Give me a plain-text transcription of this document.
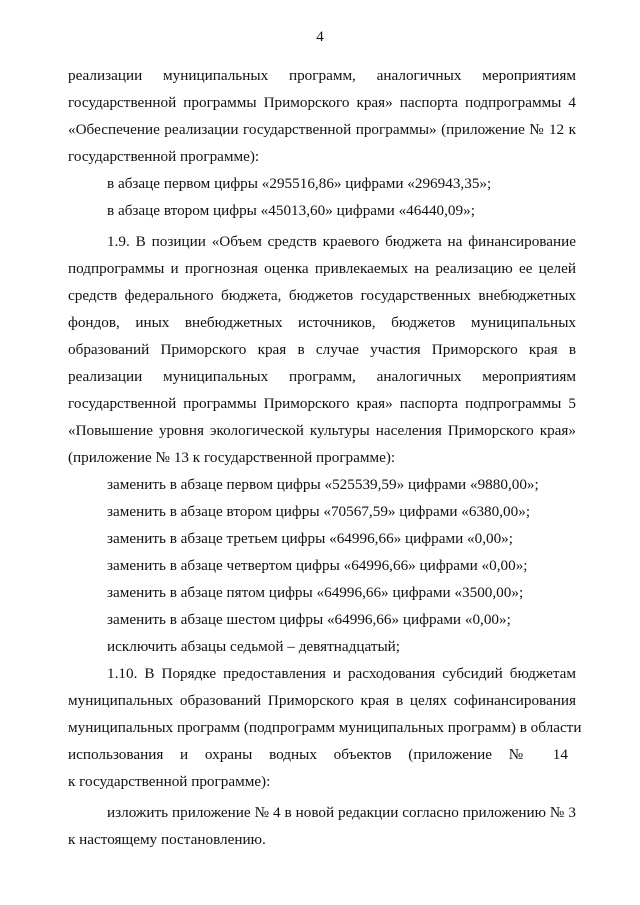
4
реализации муниципальных программ, аналогичных мероприятиям
государственной программы Приморского края» паспорта подпрограммы 4
«Обеспечение реализации государственной программы» (приложение № 12 к
государственной программе):
в абзаце первом цифры «295516,86» цифрами «296943,35»;
в абзаце втором цифры «45013,60» цифрами «46440,09»;
1.9. В позиции «Объем средств краевого бюджета на финансирование
подпрограммы и прогнозная оценка привлекаемых на реализацию ее целей
средств федерального бюджета, бюджетов государственных внебюджетных
фондов, иных внебюджетных источников, бюджетов муниципальных
образований Приморского края в случае участия Приморского края в
реализации муниципальных программ, аналогичных мероприятиям
государственной программы Приморского края» паспорта подпрограммы 5
«Повышение уровня экологической культуры населения Приморского края»
(приложение № 13 к государственной программе):
заменить в абзаце первом цифры «525539,59» цифрами «9880,00»;
заменить в абзаце втором цифры «70567,59» цифрами «6380,00»;
заменить в абзаце третьем цифры «64996,66» цифрами «0,00»;
заменить в абзаце четвертом цифры «64996,66» цифрами «0,00»;
заменить в абзаце пятом цифры «64996,66» цифрами «3500,00»;
заменить в абзаце шестом цифры «64996,66» цифрами «0,00»;
исключить абзацы седьмой – девятнадцатый;
1.10. В Порядке предоставления и расходования субсидий бюджетам
муниципальных образований Приморского края в целях софинансирования
муниципальных программ (подпрограмм муниципальных программ) в области
использования и охраны водных объектов (приложение № 14
к государственной программе):
изложить приложение № 4 в новой редакции согласно приложению № 3
к настоящему постановлению.
